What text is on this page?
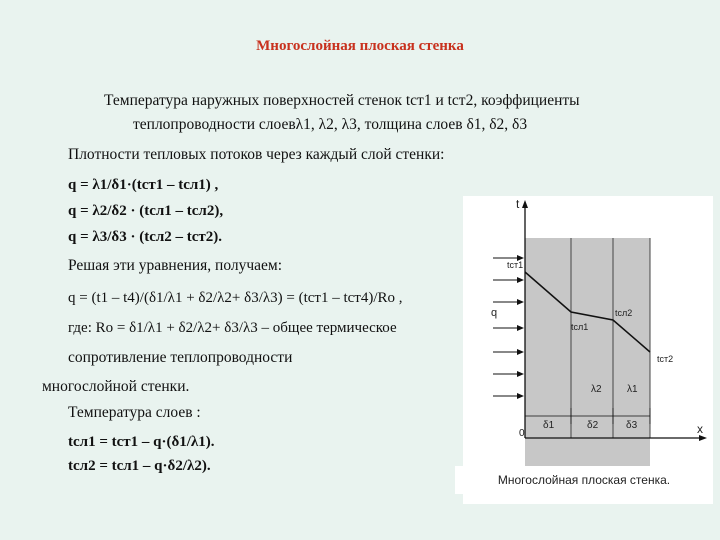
Многослойная плоская стенка
Температура наружных поверхностей стенок tст1 и tст2, коэффициенты
теплопроводности слоевλ1, λ2, λ3, толщина слоев δ1, δ2, δ3
Плотности тепловых потоков через каждый слой стенки:
q = λ1/δ1·(tст1 – tсл1) ,
q = λ2/δ2 · (tсл1 – tсл2),
q = λ3/δ3 · (tсл2 – tст2).
Решая эти уравнения, получаем:
q = (t1 – t4)/(δ1/λ1 + δ2/λ2+ δ3/λ3) = (tст1 – tст4)/Ro ,
где: Ro = δ1/λ1 + δ2/λ2+ δ3/λ3 – общее термическое
сопротивление теплопроводности
многослойной стенки.
Температура слоев :
tсл1 = tст1 – q·(δ1/λ1).
tсл2 = tсл1 – q·δ2/λ2).
t
x
0
q
tст1
tсл1
tсл2
tст2
λ2	λ1
δ1	δ2	δ3
Многослойная плоская стенка.
